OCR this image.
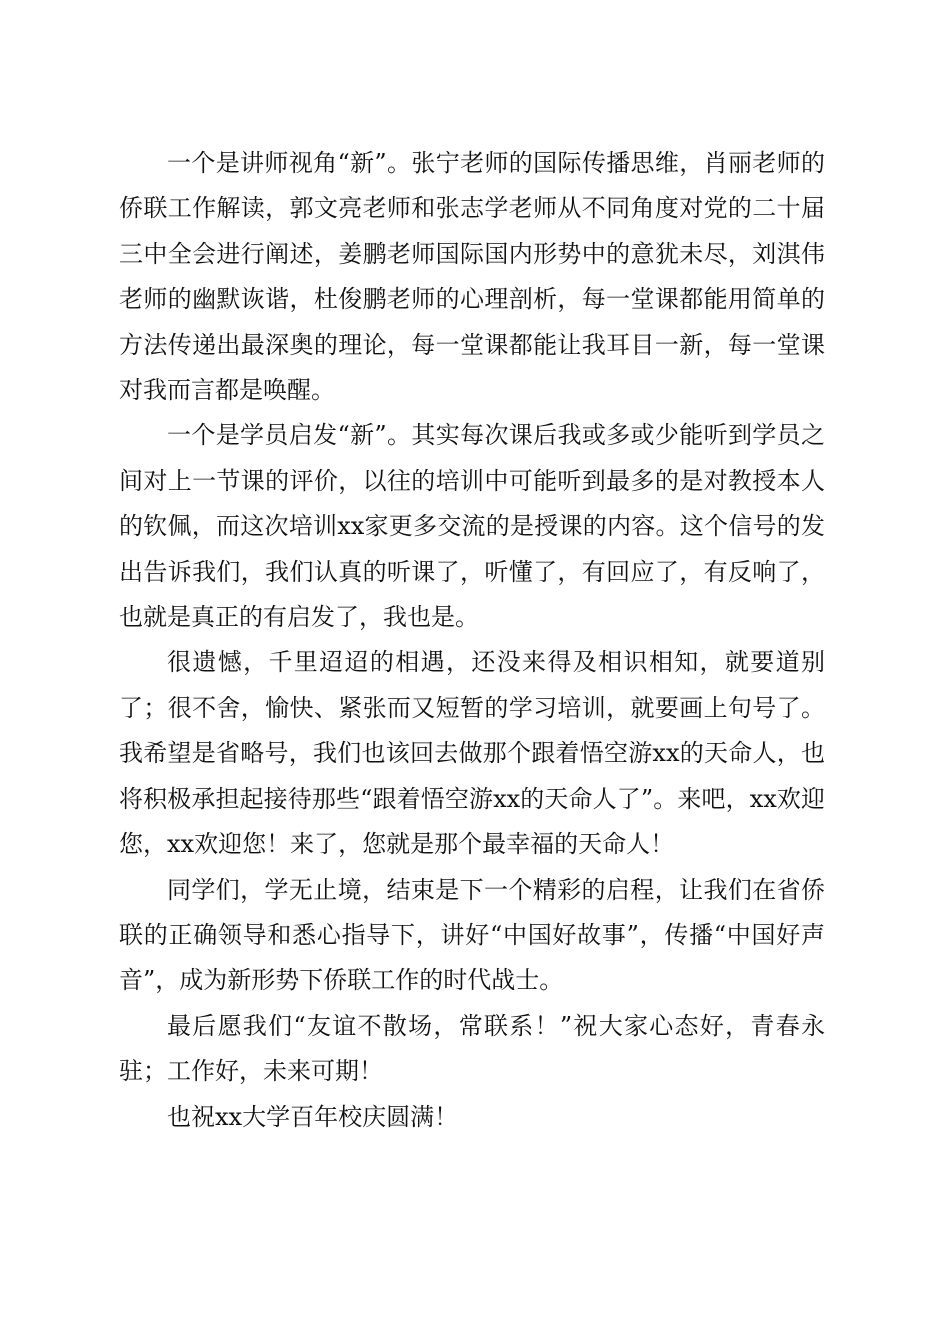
一个是讲师视角“新”。张宁老师的国际传播思维，肖丽老师的侨联工作解读，郭文亮老师和张志学老师从不同角度对党的二十届三中全会进行阐述，姜鹏老师国际国内形势中的意犹未尽，刘淇伟老师的幽默诙谐，杜俊鹏老师的心理剖析，每一堂课都能用简单的方法传递出最深奥的理论，每一堂课都能让我耳目一新，每一堂课对我而言都是唤醒。

一个是学员启发“新”。其实每次课后我或多或少能听到学员之间对上一节课的评价，以往的培训中可能听到最多的是对教授本人的钦佩，而这次培训xx家更多交流的是授课的内容。这个信号的发出告诉我们，我们认真的听课了，听懂了，有回应了，有反响了，也就是真正的有启发了，我也是。

很遗憾，千里迢迢的相遇，还没来得及相识相知，就要道别了；很不舍，愉快、紧张而又短暂的学习培训，就要画上句号了。我希望是省略号，我们也该回去做那个跟着悟空游xx的天命人，也将积极承担起接待那些“跟着悟空游xx的天命人了”。来吧，xx欢迎您，xx欢迎您！来了，您就是那个最幸福的天命人！

同学们，学无止境，结束是下一个精彩的启程，让我们在省侨联的正确领导和悉心指导下，讲好“中国好故事”，传播“中国好声音”，成为新形势下侨联工作的时代战士。

最后愿我们“友谊不散场，常联系！”祝大家心态好，青春永驻；工作好，未来可期！

也祝xx大学百年校庆圆满！
